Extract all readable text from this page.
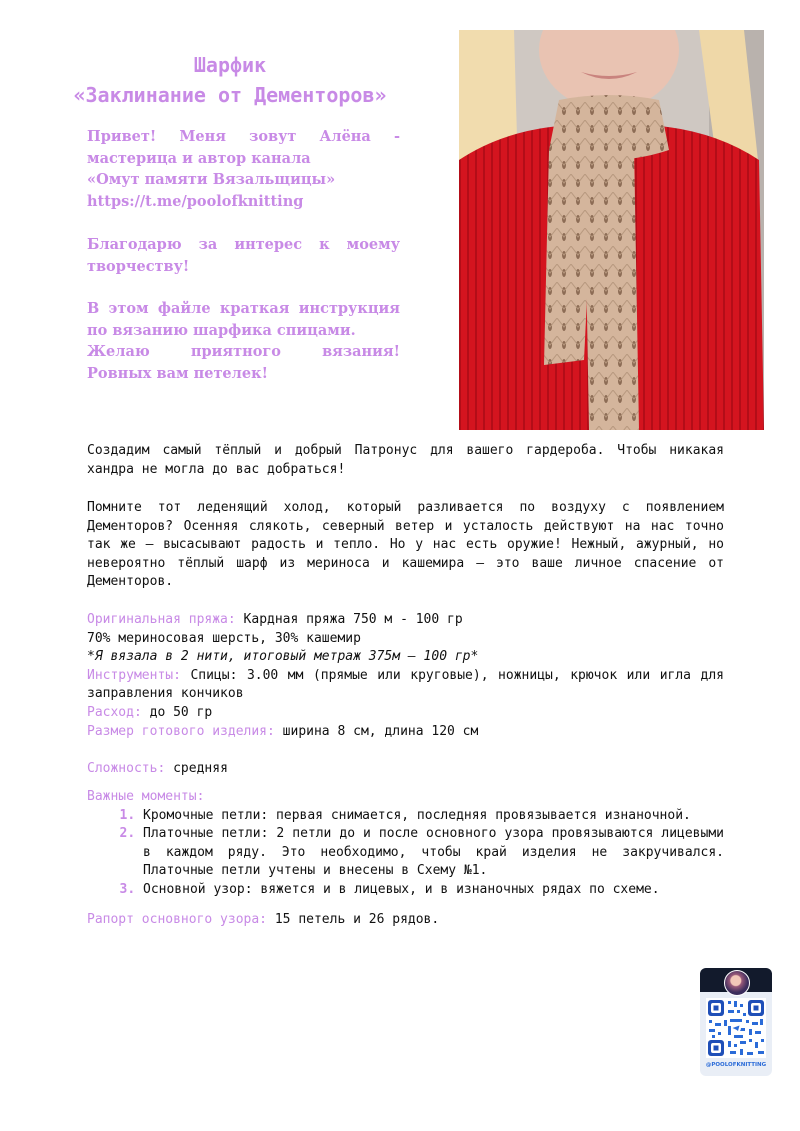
Шарфик
«Заклинание от Дементоров»
Привет! Меня зовут Алёна -
мастерица и автор канала
«Омут памяти Вязальщицы»
https://t.me/poolofknitting

Благодарю за интерес к моему творчеству!

В этом файле краткая инструкция по вязанию шарфика спицами.

Желаю приятного вязания!

Ровных вам петелек!

Создадим самый тёплый и добрый Патронус для вашего гардероба. Чтобы никакая хандра не могла до вас добраться!
Помните тот леденящий холод, который разливается по воздуху с появлением Дементоров? Осенняя слякоть, северный ветер и усталость действуют на нас точно так же — высасывают радость и тепло. Но у нас есть оружие! Нежный, ажурный, но невероятно тёплый шарф из мериноса и кашемира — это ваше личное спасение от Дементоров.
Оригинальная пряжа: Кардная пряжа 750 м - 100 гр
70% мериносовая шерсть, 30% кашемир
*Я вязала в 2 нити, итоговый метраж 375м – 100 гр*
Инструменты: Спицы: 3.00 мм (прямые или круговые), ножницы, крючок или игла для заправления кончиков
Расход: до 50 гр
Размер готового изделия: ширина 8 см, длина 120 см
Сложность: средняя
Важные моменты:
1. Кромочные петли: первая снимается, последняя провязывается изнаночной.
2. Платочные петли: 2 петли до и после основного узора провязываются лицевыми в каждом ряду. Это необходимо, чтобы край изделия не закручивался. Платочные петли учтены и внесены в Схему №1.
3. Основной узор: вяжется и в лицевых, и в изнаночных рядах по схеме.
Рапорт основного узора: 15 петель и 26 рядов.
@POOLOFKNITTING
